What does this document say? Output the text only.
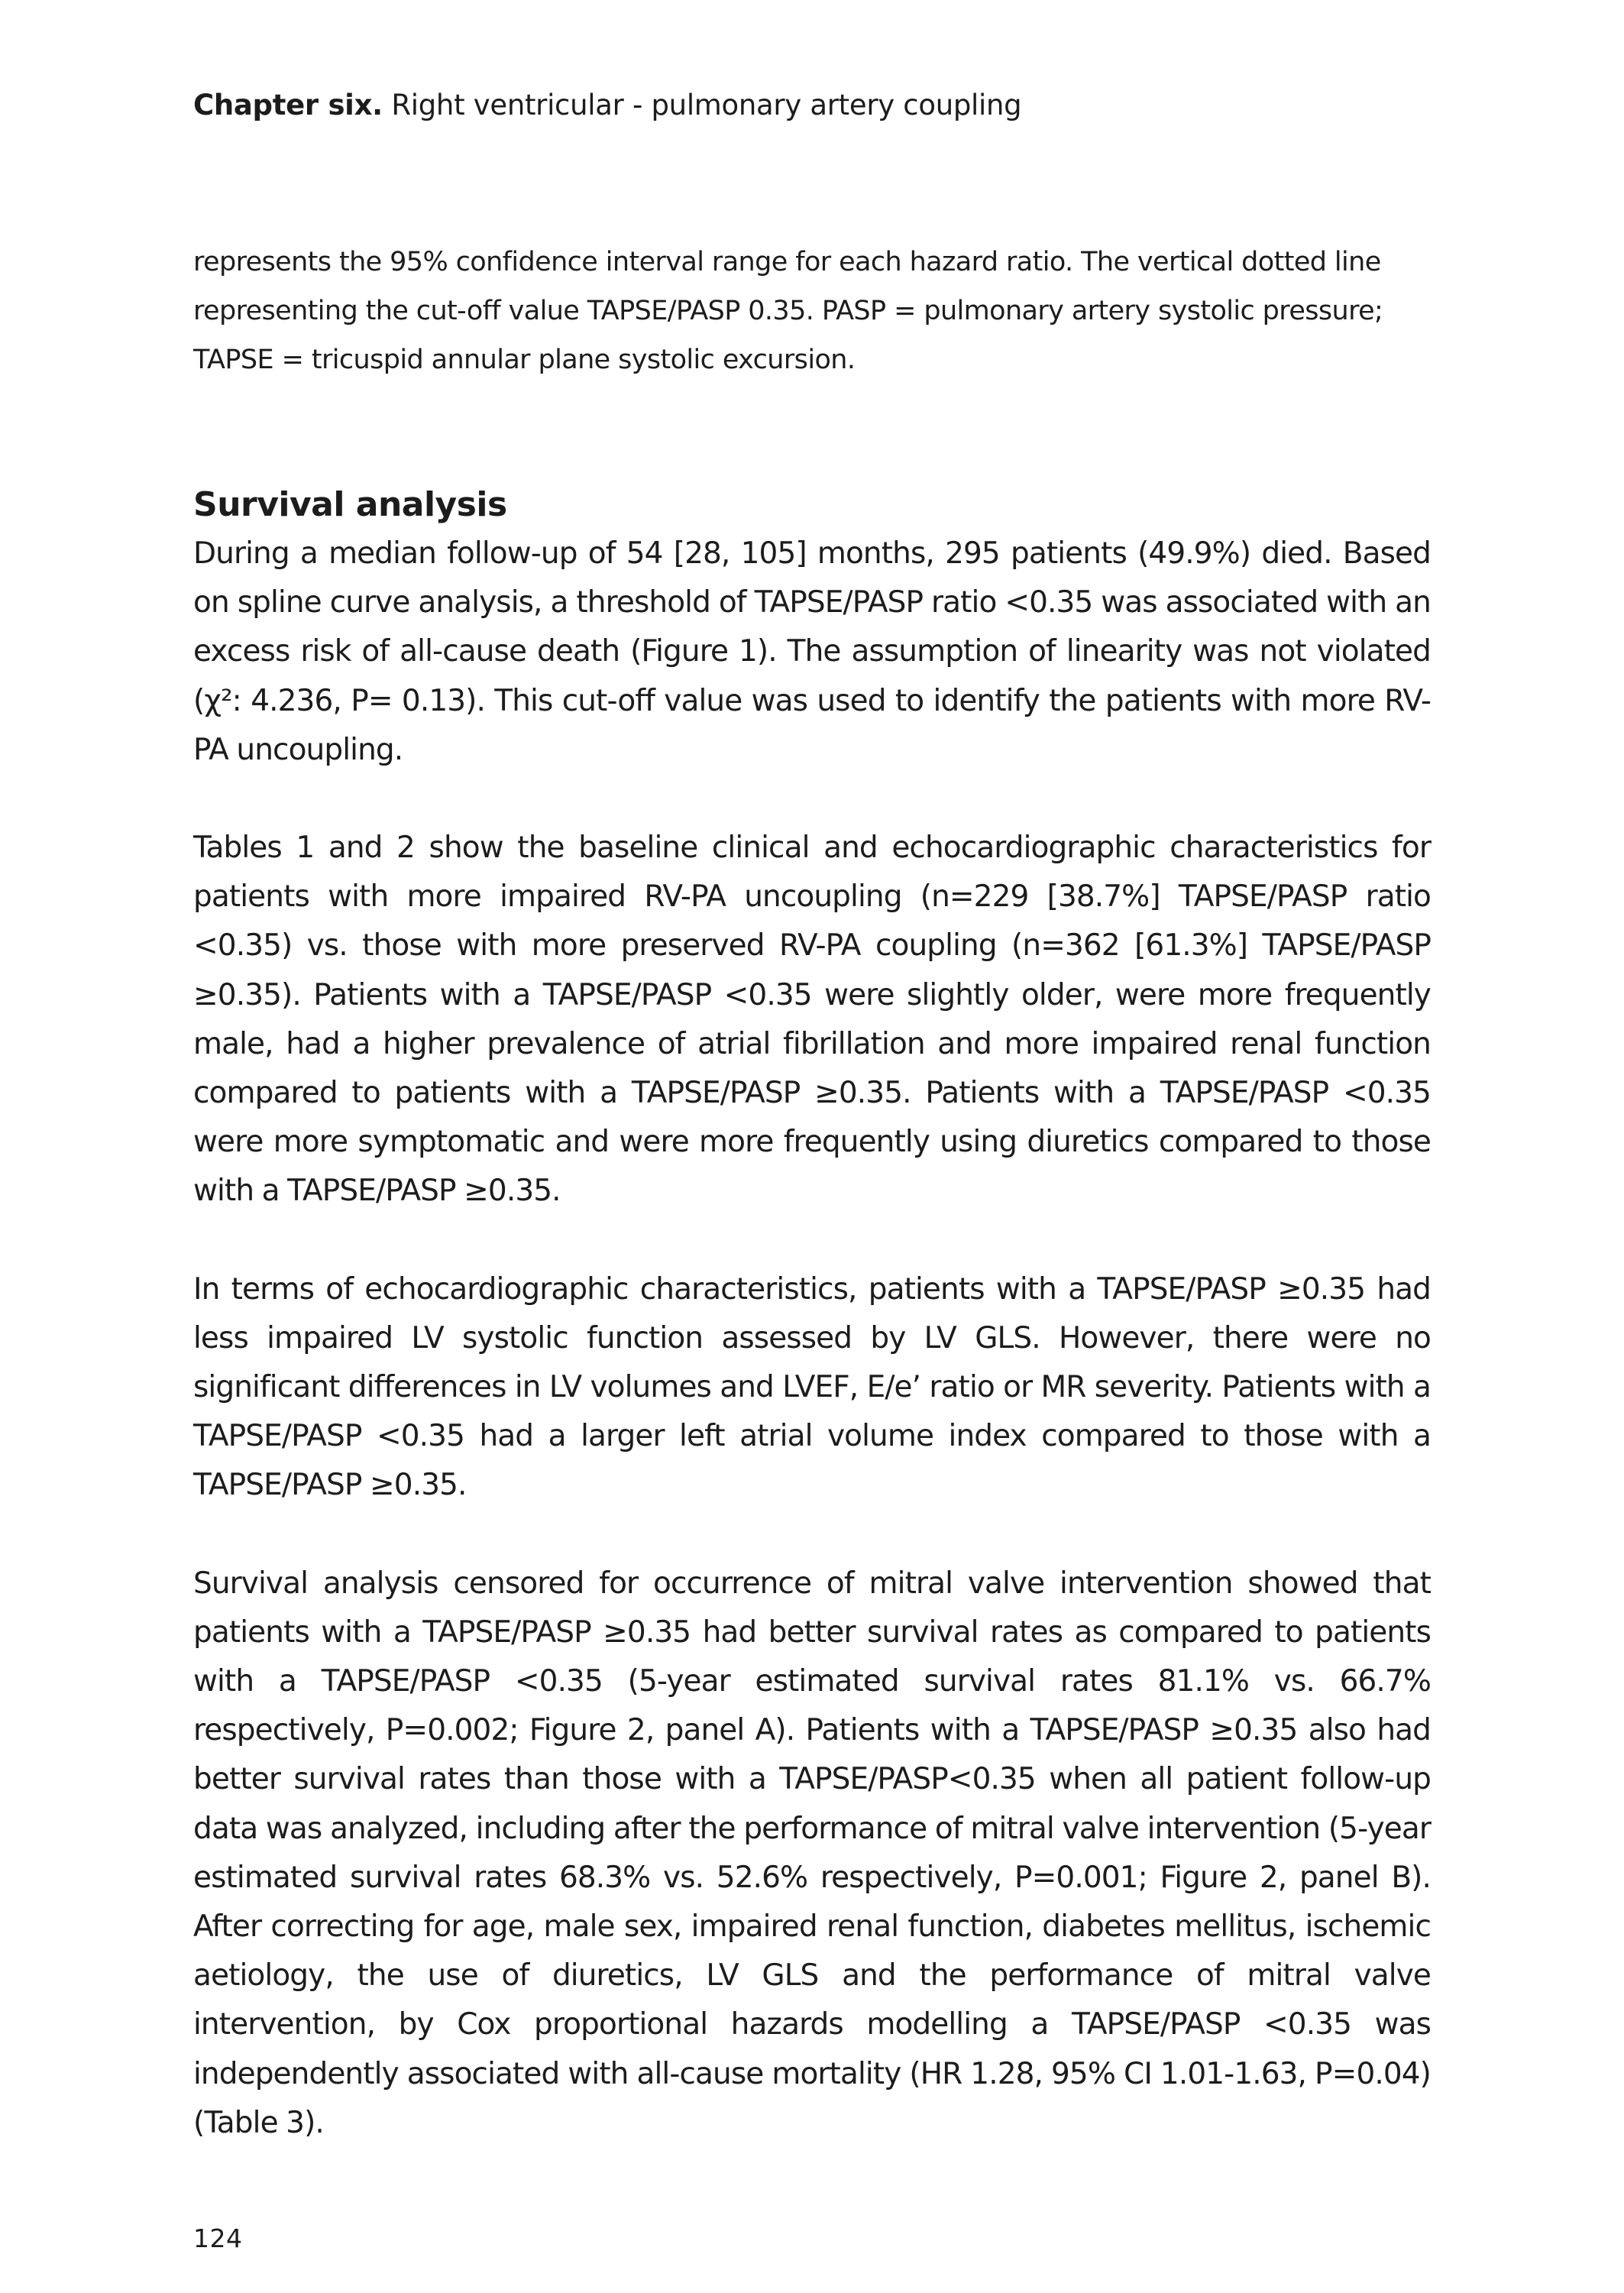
Chapter six. Right ventricular - pulmonary artery coupling

represents the 95% confidence interval range for each hazard ratio. The vertical dotted line

representing the cut-off value TAPSE/PASP 0.35. PASP = pulmonary artery systolic pressure;

TAPSE = tricuspid annular plane systolic excursion.

Survival analysis

During a median follow-up of 54 [28, 105] months, 295 patients (49.9%) died. Based on spline curve analysis, a threshold of TAPSE/PASP ratio <0.35 was associated with an excess risk of all-cause death (Figure 1). The assumption of linearity was not violated (χ²: 4.236, P= 0.13). This cut-off value was used to identify the patients with more RV-PA uncoupling.

Tables 1 and 2 show the baseline clinical and echocardiographic characteristics for patients with more impaired RV-PA uncoupling (n=229 [38.7%] TAPSE/PASP ratio <0.35) vs. those with more preserved RV-PA coupling (n=362 [61.3%] TAPSE/PASP ≥0.35). Patients with a TAPSE/PASP <0.35 were slightly older, were more frequently male, had a higher prevalence of atrial fibrillation and more impaired renal function compared to patients with a TAPSE/PASP ≥0.35. Patients with a TAPSE/PASP <0.35 were more symptomatic and were more frequently using diuretics compared to those with a TAPSE/PASP ≥0.35.

In terms of echocardiographic characteristics, patients with a TAPSE/PASP ≥0.35 had less impaired LV systolic function assessed by LV GLS. However, there were no significant differences in LV volumes and LVEF, E/e’ ratio or MR severity. Patients with a TAPSE/PASP <0.35 had a larger left atrial volume index compared to those with a TAPSE/PASP ≥0.35.

Survival analysis censored for occurrence of mitral valve intervention showed that patients with a TAPSE/PASP ≥0.35 had better survival rates as compared to patients with a TAPSE/PASP <0.35 (5-year estimated survival rates 81.1% vs. 66.7% respectively, P=0.002; Figure 2, panel A). Patients with a TAPSE/PASP ≥0.35 also had better survival rates than those with a TAPSE/PASP<0.35 when all patient follow-up data was analyzed, including after the performance of mitral valve intervention (5-year estimated survival rates 68.3% vs. 52.6% respectively, P=0.001; Figure 2, panel B). After correcting for age, male sex, impaired renal function, diabetes mellitus, ischemic aetiology, the use of diuretics, LV GLS and the performance of mitral valve intervention, by Cox proportional hazards modelling a TAPSE/PASP <0.35 was independently associated with all-cause mortality (HR 1.28, 95% CI 1.01-1.63, P=0.04) (Table 3).

124
